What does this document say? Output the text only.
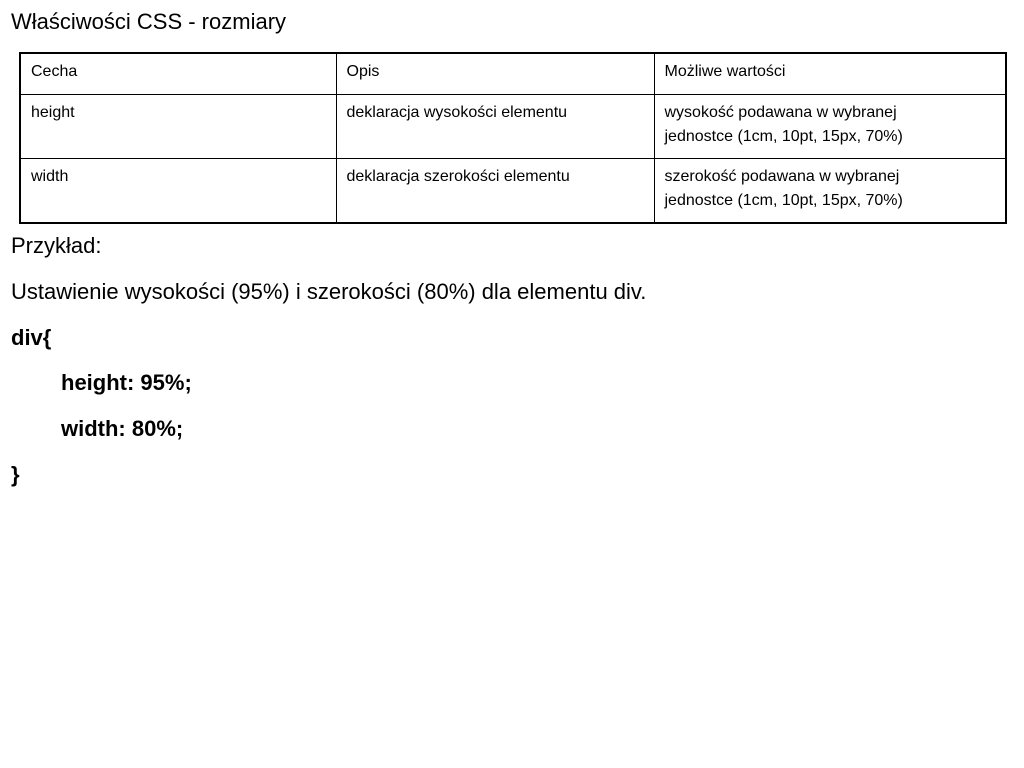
Właściwości CSS - rozmiary
Cecha	Opis	Możliwe wartości
height	deklaracja wysokości elementu	wysokość podawana w wybranej
jednostce (1cm, 10pt, 15px, 70%)

width	deklaracja szerokości elementu	szerokość podawana w wybranej
jednostce (1cm, 10pt, 15px, 70%)
Przykład:
Ustawienie wysokości (95%) i szerokości (80%) dla elementu div.
div{
height: 95%;
width: 80%;
}
